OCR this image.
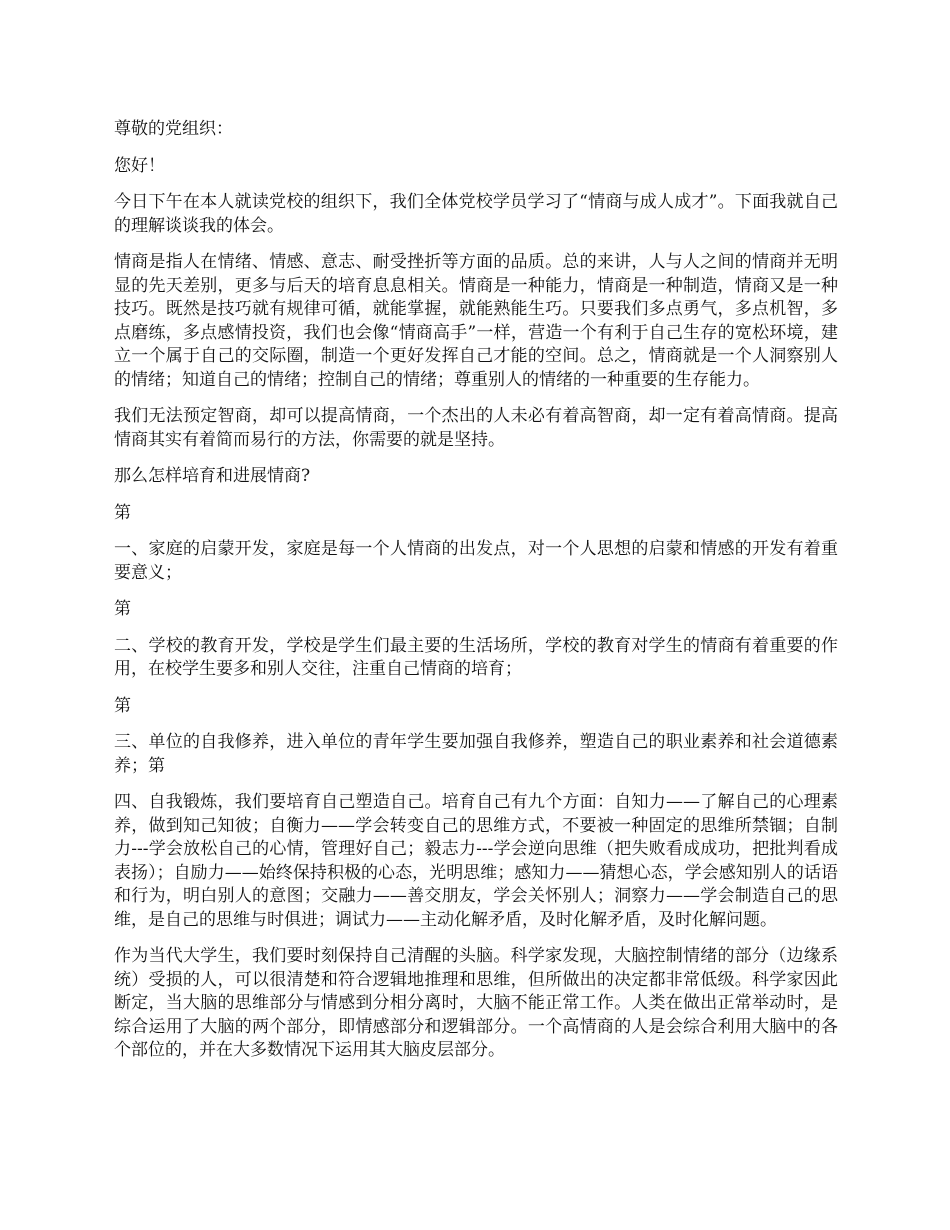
尊敬的党组织：

您好！

今日下午在本人就读党校的组织下，我们全体党校学员学习了“情商与成人成才”。下面我就自己的理解谈谈我的体会。

情商是指人在情绪、情感、意志、耐受挫折等方面的品质。总的来讲，人与人之间的情商并无明显的先天差别，更多与后天的培育息息相关。情商是一种能力，情商是一种制造，情商又是一种技巧。既然是技巧就有规律可循，就能掌握，就能熟能生巧。只要我们多点勇气，多点机智，多点磨练，多点感情投资，我们也会像“情商高手”一样，营造一个有利于自己生存的宽松环境，建立一个属于自己的交际圈，制造一个更好发挥自己才能的空间。总之，情商就是一个人洞察别人的情绪；知道自己的情绪；控制自己的情绪；尊重别人的情绪的一种重要的生存能力。

我们无法预定智商，却可以提高情商，一个杰出的人未必有着高智商，却一定有着高情商。提高情商其实有着简而易行的方法，你需要的就是坚持。

那么怎样培育和进展情商?

第

一、家庭的启蒙开发，家庭是每一个人情商的出发点，对一个人思想的启蒙和情感的开发有着重要意义；

第

二、学校的教育开发，学校是学生们最主要的生活场所，学校的教育对学生的情商有着重要的作用，在校学生要多和别人交往，注重自己情商的培育；

第

三、单位的自我修养，进入单位的青年学生要加强自我修养，塑造自己的职业素养和社会道德素养；第

四、自我锻炼，我们要培育自己塑造自己。培育自己有九个方面：自知力——了解自己的心理素养，做到知己知彼；自衡力——学会转变自己的思维方式，不要被一种固定的思维所禁锢；自制力---学会放松自己的心情，管理好自己；毅志力---学会逆向思维（把失败看成成功，把批判看成表扬）；自励力——始终保持积极的心态，光明思维；感知力——猜想心态，学会感知别人的话语和行为，明白别人的意图；交融力——善交朋友，学会关怀别人；洞察力——学会制造自己的思维，是自己的思维与时俱进；调试力——主动化解矛盾，及时化解矛盾，及时化解问题。

作为当代大学生，我们要时刻保持自己清醒的头脑。科学家发现，大脑控制情绪的部分（边缘系统）受损的人，可以很清楚和符合逻辑地推理和思维，但所做出的决定都非常低级。科学家因此断定，当大脑的思维部分与情感到分相分离时，大脑不能正常工作。人类在做出正常举动时，是综合运用了大脑的两个部分，即情感部分和逻辑部分。一个高情商的人是会综合利用大脑中的各个部位的，并在大多数情况下运用其大脑皮层部分。
